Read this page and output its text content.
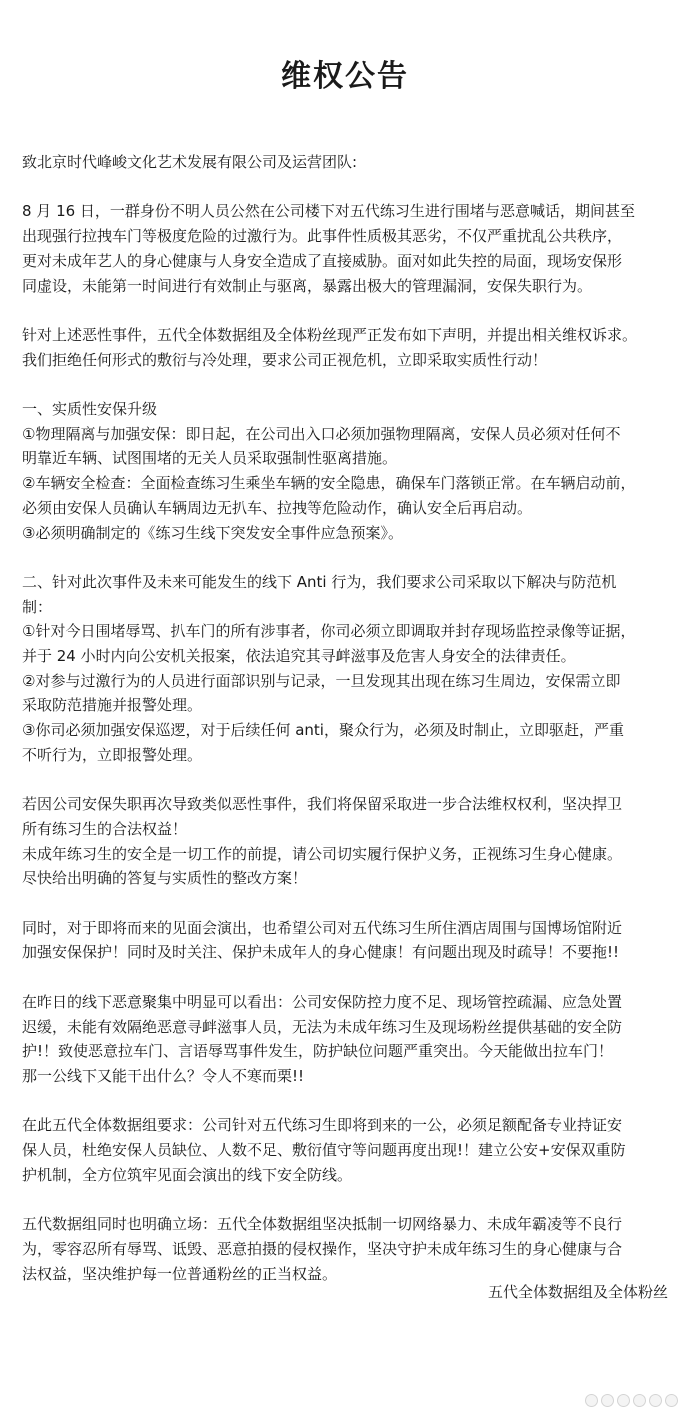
维权公告

致北京时代峰峻文化艺术发展有限公司及运营团队:

8 月 16 日，一群身份不明人员公然在公司楼下对五代练习生进行围堵与恶意喊话，期间甚至
出现强行拉拽车门等极度危险的过激行为。此事件性质极其恶劣，不仅严重扰乱公共秩序，
更对未成年艺人的身心健康与人身安全造成了直接威胁。面对如此失控的局面，现场安保形
同虚设，未能第一时间进行有效制止与驱离，暴露出极大的管理漏洞，安保失职行为。

针对上述恶性事件，五代全体数据组及全体粉丝现严正发布如下声明，并提出相关维权诉求。
我们拒绝任何形式的敷衍与冷处理，要求公司正视危机，立即采取实质性行动！

一、实质性安保升级
①物理隔离与加强安保：即日起，在公司出入口必须加强物理隔离，安保人员必须对任何不
明靠近车辆、试图围堵的无关人员采取强制性驱离措施。
②车辆安全检查：全面检查练习生乘坐车辆的安全隐患，确保车门落锁正常。在车辆启动前，
必须由安保人员确认车辆周边无扒车、拉拽等危险动作，确认安全后再启动。
③必须明确制定的《练习生线下突发安全事件应急预案》。

二、针对此次事件及未来可能发生的线下 Anti 行为，我们要求公司采取以下解决与防范机
制：
①针对今日围堵辱骂、扒车门的所有涉事者，你司必须立即调取并封存现场监控录像等证据，
并于 24 小时内向公安机关报案，依法追究其寻衅滋事及危害人身安全的法律责任。
②对参与过激行为的人员进行面部识别与记录，一旦发现其出现在练习生周边，安保需立即
采取防范措施并报警处理。
③你司必须加强安保巡逻，对于后续任何 anti，聚众行为，必须及时制止，立即驱赶，严重
不听行为，立即报警处理。

若因公司安保失职再次导致类似恶性事件，我们将保留采取进一步合法维权权利，坚决捍卫
所有练习生的合法权益！
未成年练习生的安全是一切工作的前提，请公司切实履行保护义务，正视练习生身心健康。
尽快给出明确的答复与实质性的整改方案！

同时，对于即将而来的见面会演出，也希望公司对五代练习生所住酒店周围与国博场馆附近
加强安保保护！同时及时关注、保护未成年人的身心健康！有问题出现及时疏导！不要拖!!

在昨日的线下恶意聚集中明显可以看出：公司安保防控力度不足、现场管控疏漏、应急处置
迟缓，未能有效隔绝恶意寻衅滋事人员，无法为未成年练习生及现场粉丝提供基础的安全防
护!！致使恶意拉车门、言语辱骂事件发生，防护缺位问题严重突出。今天能做出拉车门！
那一公线下又能干出什么？令人不寒而栗!!

在此五代全体数据组要求：公司针对五代练习生即将到来的一公，必须足额配备专业持证安
保人员，杜绝安保人员缺位、人数不足、敷衍值守等问题再度出现!！建立公安+安保双重防
护机制，全方位筑牢见面会演出的线下安全防线。

五代数据组同时也明确立场：五代全体数据组坚决抵制一切网络暴力、未成年霸凌等不良行
为，零容忍所有辱骂、诋毁、恶意拍摄的侵权操作，坚决守护未成年练习生的身心健康与合
法权益，坚决维护每一位普通粉丝的正当权益。

五代全体数据组及全体粉丝
